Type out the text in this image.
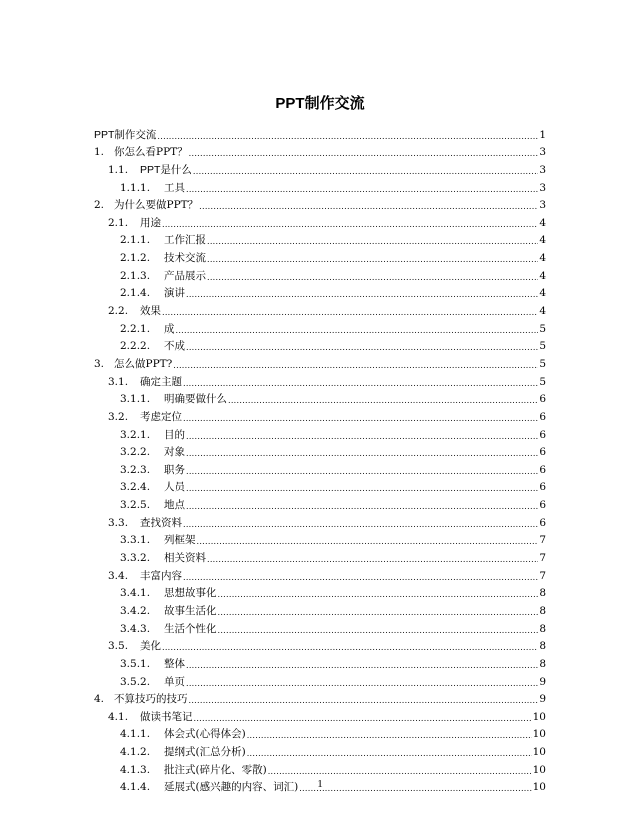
PPT制作交流
PPT制作交流 .....	1
1. 你怎么看PPT？ .....	3
1.1.	PPT是什么 .....	3
1.1.1.	工具 .....	3
2. 为什么要做PPT？ .....	3
2.1.	用途 .....	4
2.1.1.	工作汇报 .....	4
2.1.2.	技术交流 .....	4
2.1.3.	产品展示 .....	4
2.1.4.	演讲 .....	4
2.2.	效果 .....	4
2.2.1.	成 .....	5
2.2.2.	不成 .....	5
3. 怎么做PPT? .....	5
3.1.	确定主题 .....	5
3.1.1.	明确要做什么 .....	6
3.2.	考虑定位 .....	6
3.2.1.	目的 .....	6
3.2.2.	对象 .....	6
3.2.3.	职务 .....	6
3.2.4.	人员 .....	6
3.2.5.	地点 .....	6
3.3.	查找资料 .....	6
3.3.1.	列框架 .....	7
3.3.2.	相关资料 .....	7
3.4.	丰富内容 .....	7
3.4.1.	思想故事化 .....	8
3.4.2.	故事生活化 .....	8
3.4.3.	生活个性化 .....	8
3.5.	美化 .....	8
3.5.1.	整体 .....	8
3.5.2.	单页 .....	9
4. 不算技巧的技巧 .....	9
4.1.	做读书笔记 .....	10
4.1.1.	体会式(心得体会) .....	10
4.1.2.	提纲式(汇总分析) .....	10
4.1.3.	批注式(碎片化、零散) .....	10
4.1.4.	延展式(感兴趣的内容、词汇) .....	10
1
